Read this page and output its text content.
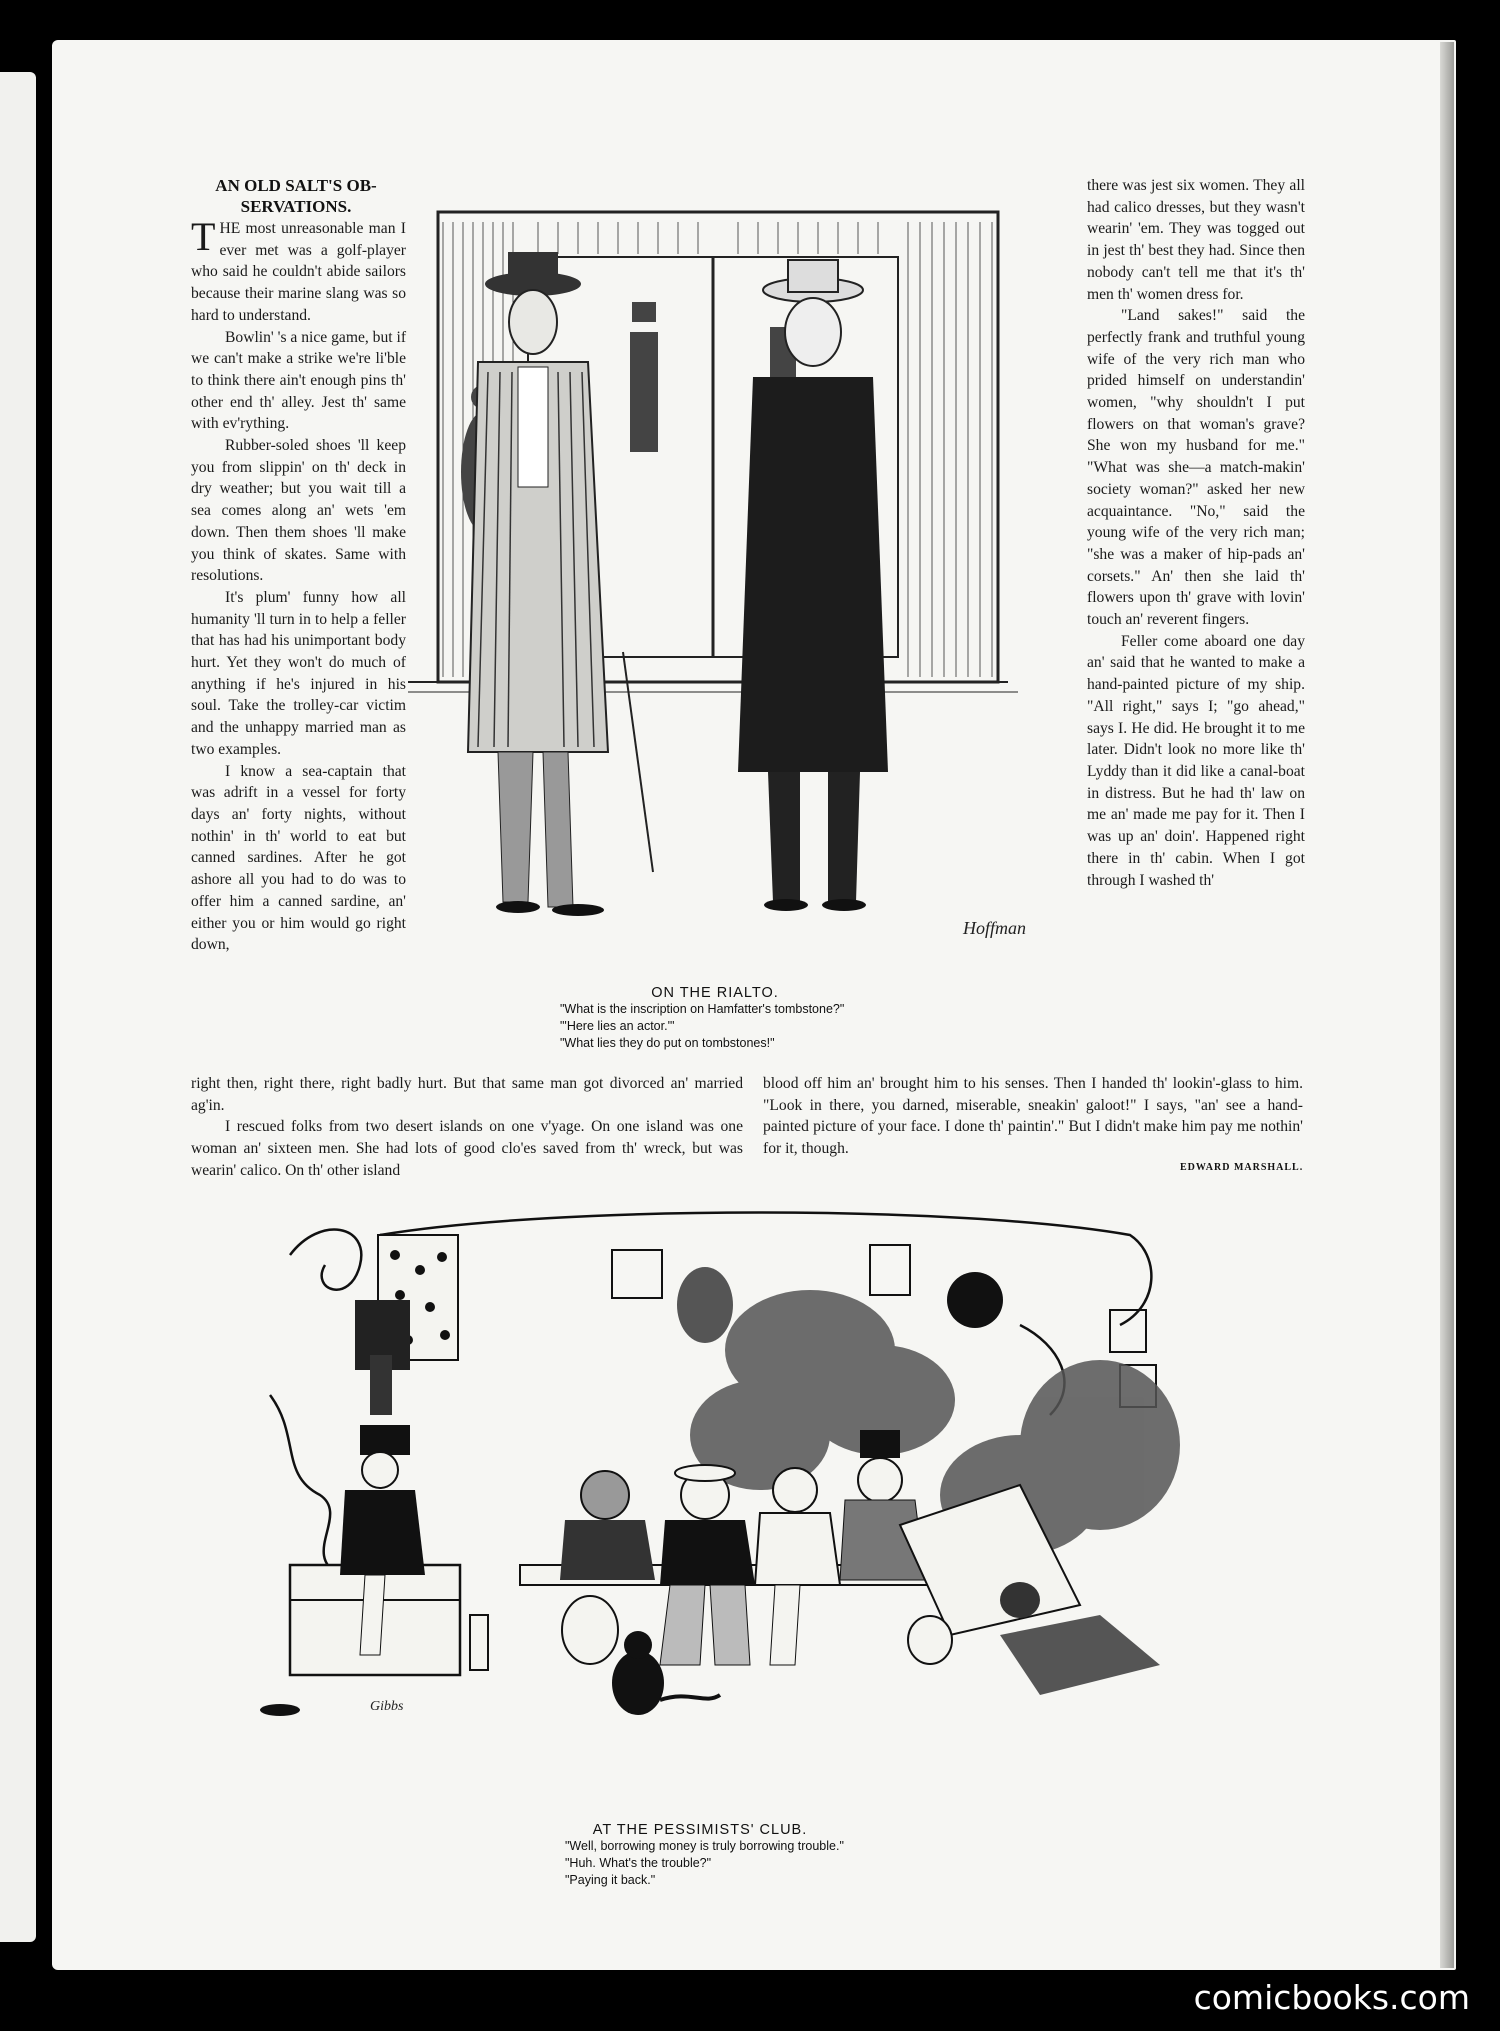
AN OLD SALT'S OB-
SERVATIONS.

THE most unreasonable man I ever met was a golf-player who said he couldn't abide sailors because their marine slang was so hard to understand.

Bowlin' 's a nice game, but if we can't make a strike we're li'ble to think there ain't enough pins th' other end th' alley. Jest th' same with ev'rything.

Rubber-soled shoes 'll keep you from slippin' on th' deck in dry weather; but you wait till a sea comes along an' wets 'em down. Then them shoes 'll make you think of skates. Same with resolutions.

It's plum' funny how all humanity 'll turn in to help a feller that has had his unimportant body hurt. Yet they won't do much of anything if he's injured in his soul. Take the trolley-car victim and the unhappy married man as two examples.

I know a sea-captain that was adrift in a vessel for forty days an' forty nights, without nothin' in th' world to eat but canned sardines. After he got ashore all you had to do was to offer him a canned sardine, an' either you or him would go right down,

there was jest six women. They all had calico dresses, but they wasn't wearin' 'em. They was togged out in jest th' best they had. Since then nobody can't tell me that it's th' men th' women dress for.

"Land sakes!" said the perfectly frank and truthful young wife of the very rich man who prided himself on understandin' women, "why shouldn't I put flowers on that woman's grave? She won my husband for me." "What was she—a match-makin' society woman?" asked her new acquaintance. "No," said the young wife of the very rich man; "she was a maker of hip-pads an' corsets." An' then she laid th' flowers upon th' grave with lovin' touch an' reverent fingers.

Feller come aboard one day an' said that he wanted to make a hand-painted picture of my ship. "All right," says I; "go ahead," says I. He did. He brought it to me later. Didn't look no more like th' Lyddy than it did like a canal-boat in distress. But he had th' law on me an' made me pay for it. Then I was up an' doin'. Happened right there in th' cabin. When I got through I washed th'

right then, right there, right badly hurt. But that same man got divorced an' married ag'in.

I rescued folks from two desert islands on one v'yage. On one island was one woman an' sixteen men. She had lots of good clo'es saved from th' wreck, but was wearin' calico. On th' other island

blood off him an' brought him to his senses. Then I handed th' lookin'-glass to him. "Look in there, you darned, miserable, sneakin' galoot!" I says, "an' see a hand-painted picture of your face. I done th' paintin'." But I didn't make him pay me nothin' for it, though.

EDWARD MARSHALL.
Hoffman
ON THE RIALTO.
"What is the inscription on Hamfatter's tombstone?"
"'Here lies an actor.'"
"What lies they do put on tombstones!"
Gibbs
AT THE PESSIMISTS' CLUB.
"Well, borrowing money is truly borrowing trouble."
"Huh. What's the trouble?"
"Paying it back."
comicbooks.com
